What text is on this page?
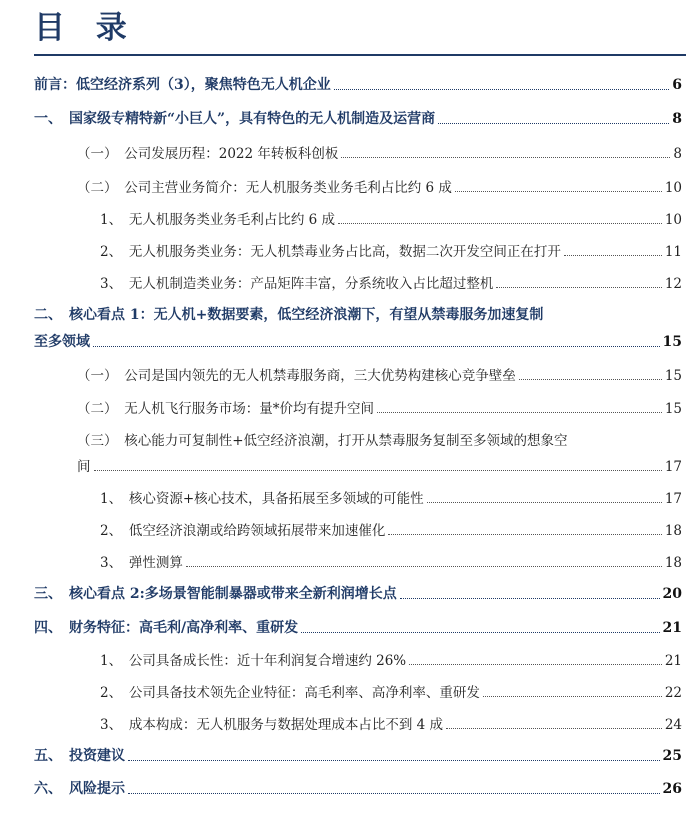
目 录
前言：低空经济系列（3），聚焦特色无人机企业	6
一、　国家级专精特新“小巨人”，具有特色的无人机制造及运营商	8
（一）　公司发展历程：2022 年转板科创板	8
（二）　公司主营业务简介：无人机服务类业务毛利占比约 6 成	10
1、　无人机服务类业务毛利占比约 6 成	10
2、　无人机服务类业务：无人机禁毒业务占比高，数据二次开发空间正在打开	11
3、　无人机制造类业务：产品矩阵丰富，分系统收入占比超过整机	12
二、　核心看点 1：无人机+数据要素，低空经济浪潮下，有望从禁毒服务加速复制
至多领域	15
（一）　公司是国内领先的无人机禁毒服务商，三大优势构建核心竞争壁垒	15
（二）　无人机飞行服务市场：量*价均有提升空间	15
（三）　核心能力可复制性+低空经济浪潮，打开从禁毒服务复制至多领域的想象空
间	17
1、　核心资源+核心技术，具备拓展至多领域的可能性	17
2、　低空经济浪潮或给跨领域拓展带来加速催化	18
3、　弹性测算	18
三、　核心看点 2:多场景智能制暴器或带来全新利润增长点	20
四、　财务特征：高毛利/高净利率、重研发	21
1、　公司具备成长性：近十年利润复合增速约 26%	21
2、　公司具备技术领先企业特征：高毛利率、高净利率、重研发	22
3、　成本构成：无人机服务与数据处理成本占比不到 4 成	24
五、　投资建议	25
六、　风险提示	26
